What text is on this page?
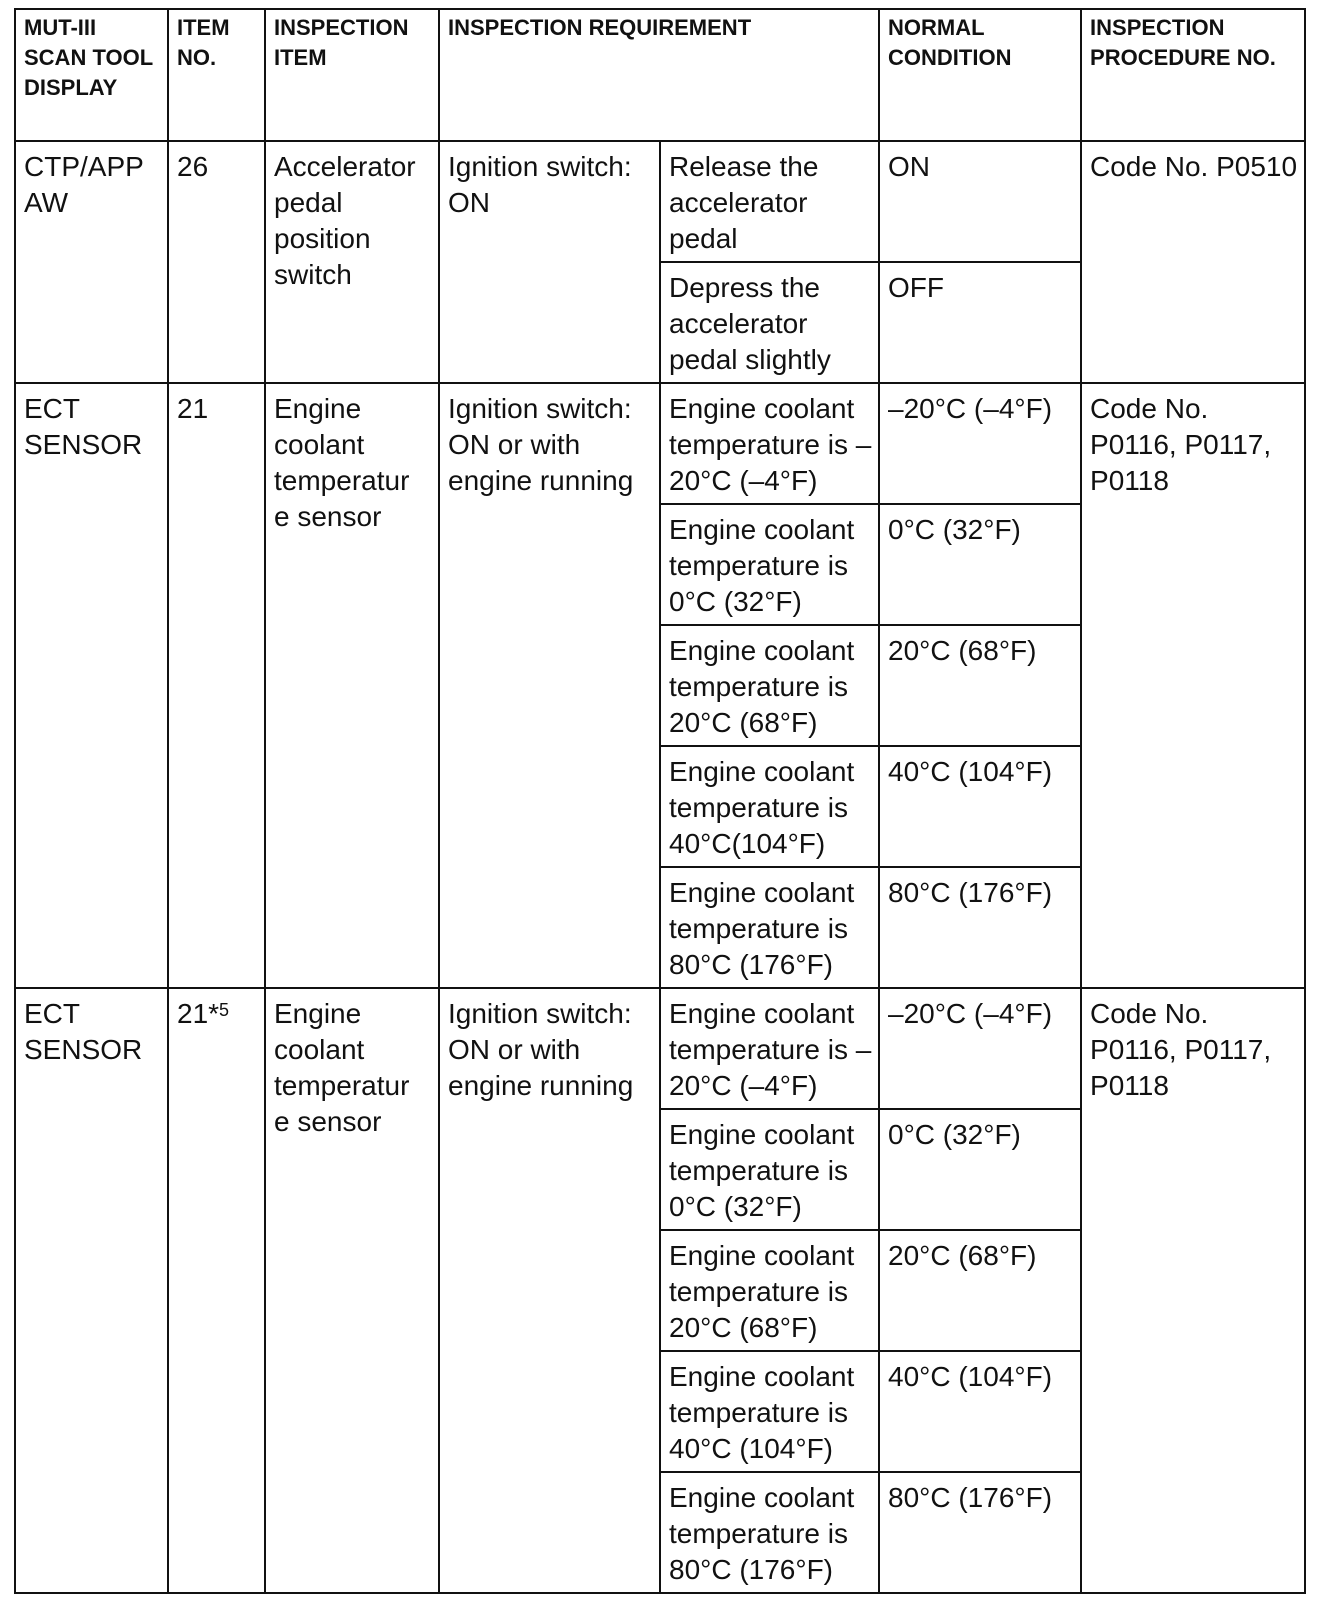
MUT-III SCAN TOOL DISPLAY	ITEM NO.	INSPECTION ITEM	INSPECTION REQUIREMENT		NORMAL CONDITION	INSPECTION PROCEDURE NO.
CTP/APP AW	26	Accelerator pedal position switch	Ignition switch: ON	Release the accelerator pedal	ON	Code No. P0510
				Depress the accelerator pedal slightly	OFF	
ECT SENSOR	21	Engine coolant temperatur e sensor	Ignition switch: ON or with engine running	Engine coolant temperature is –20°C (–4°F)	–20°C (–4°F)	Code No. P0116, P0117, P0118
				Engine coolant temperature is 0°C (32°F)	0°C (32°F)	
				Engine coolant temperature is 20°C (68°F)	20°C (68°F)	
				Engine coolant temperature is 40°C(104°F)	40°C (104°F)	
				Engine coolant temperature is 80°C (176°F)	80°C (176°F)	
ECT SENSOR	21*$^5$	Engine coolant temperatur e sensor	Ignition switch: ON or with engine running	Engine coolant temperature is –20°C (–4°F)	–20°C (–4°F)	Code No. P0116, P0117, P0118
				Engine coolant temperature is 0°C (32°F)	0°C (32°F)	
				Engine coolant temperature is 20°C (68°F)	20°C (68°F)	
				Engine coolant temperature is 40°C (104°F)	40°C (104°F)	
				Engine coolant temperature is 80°C (176°F)	80°C (176°F)	
